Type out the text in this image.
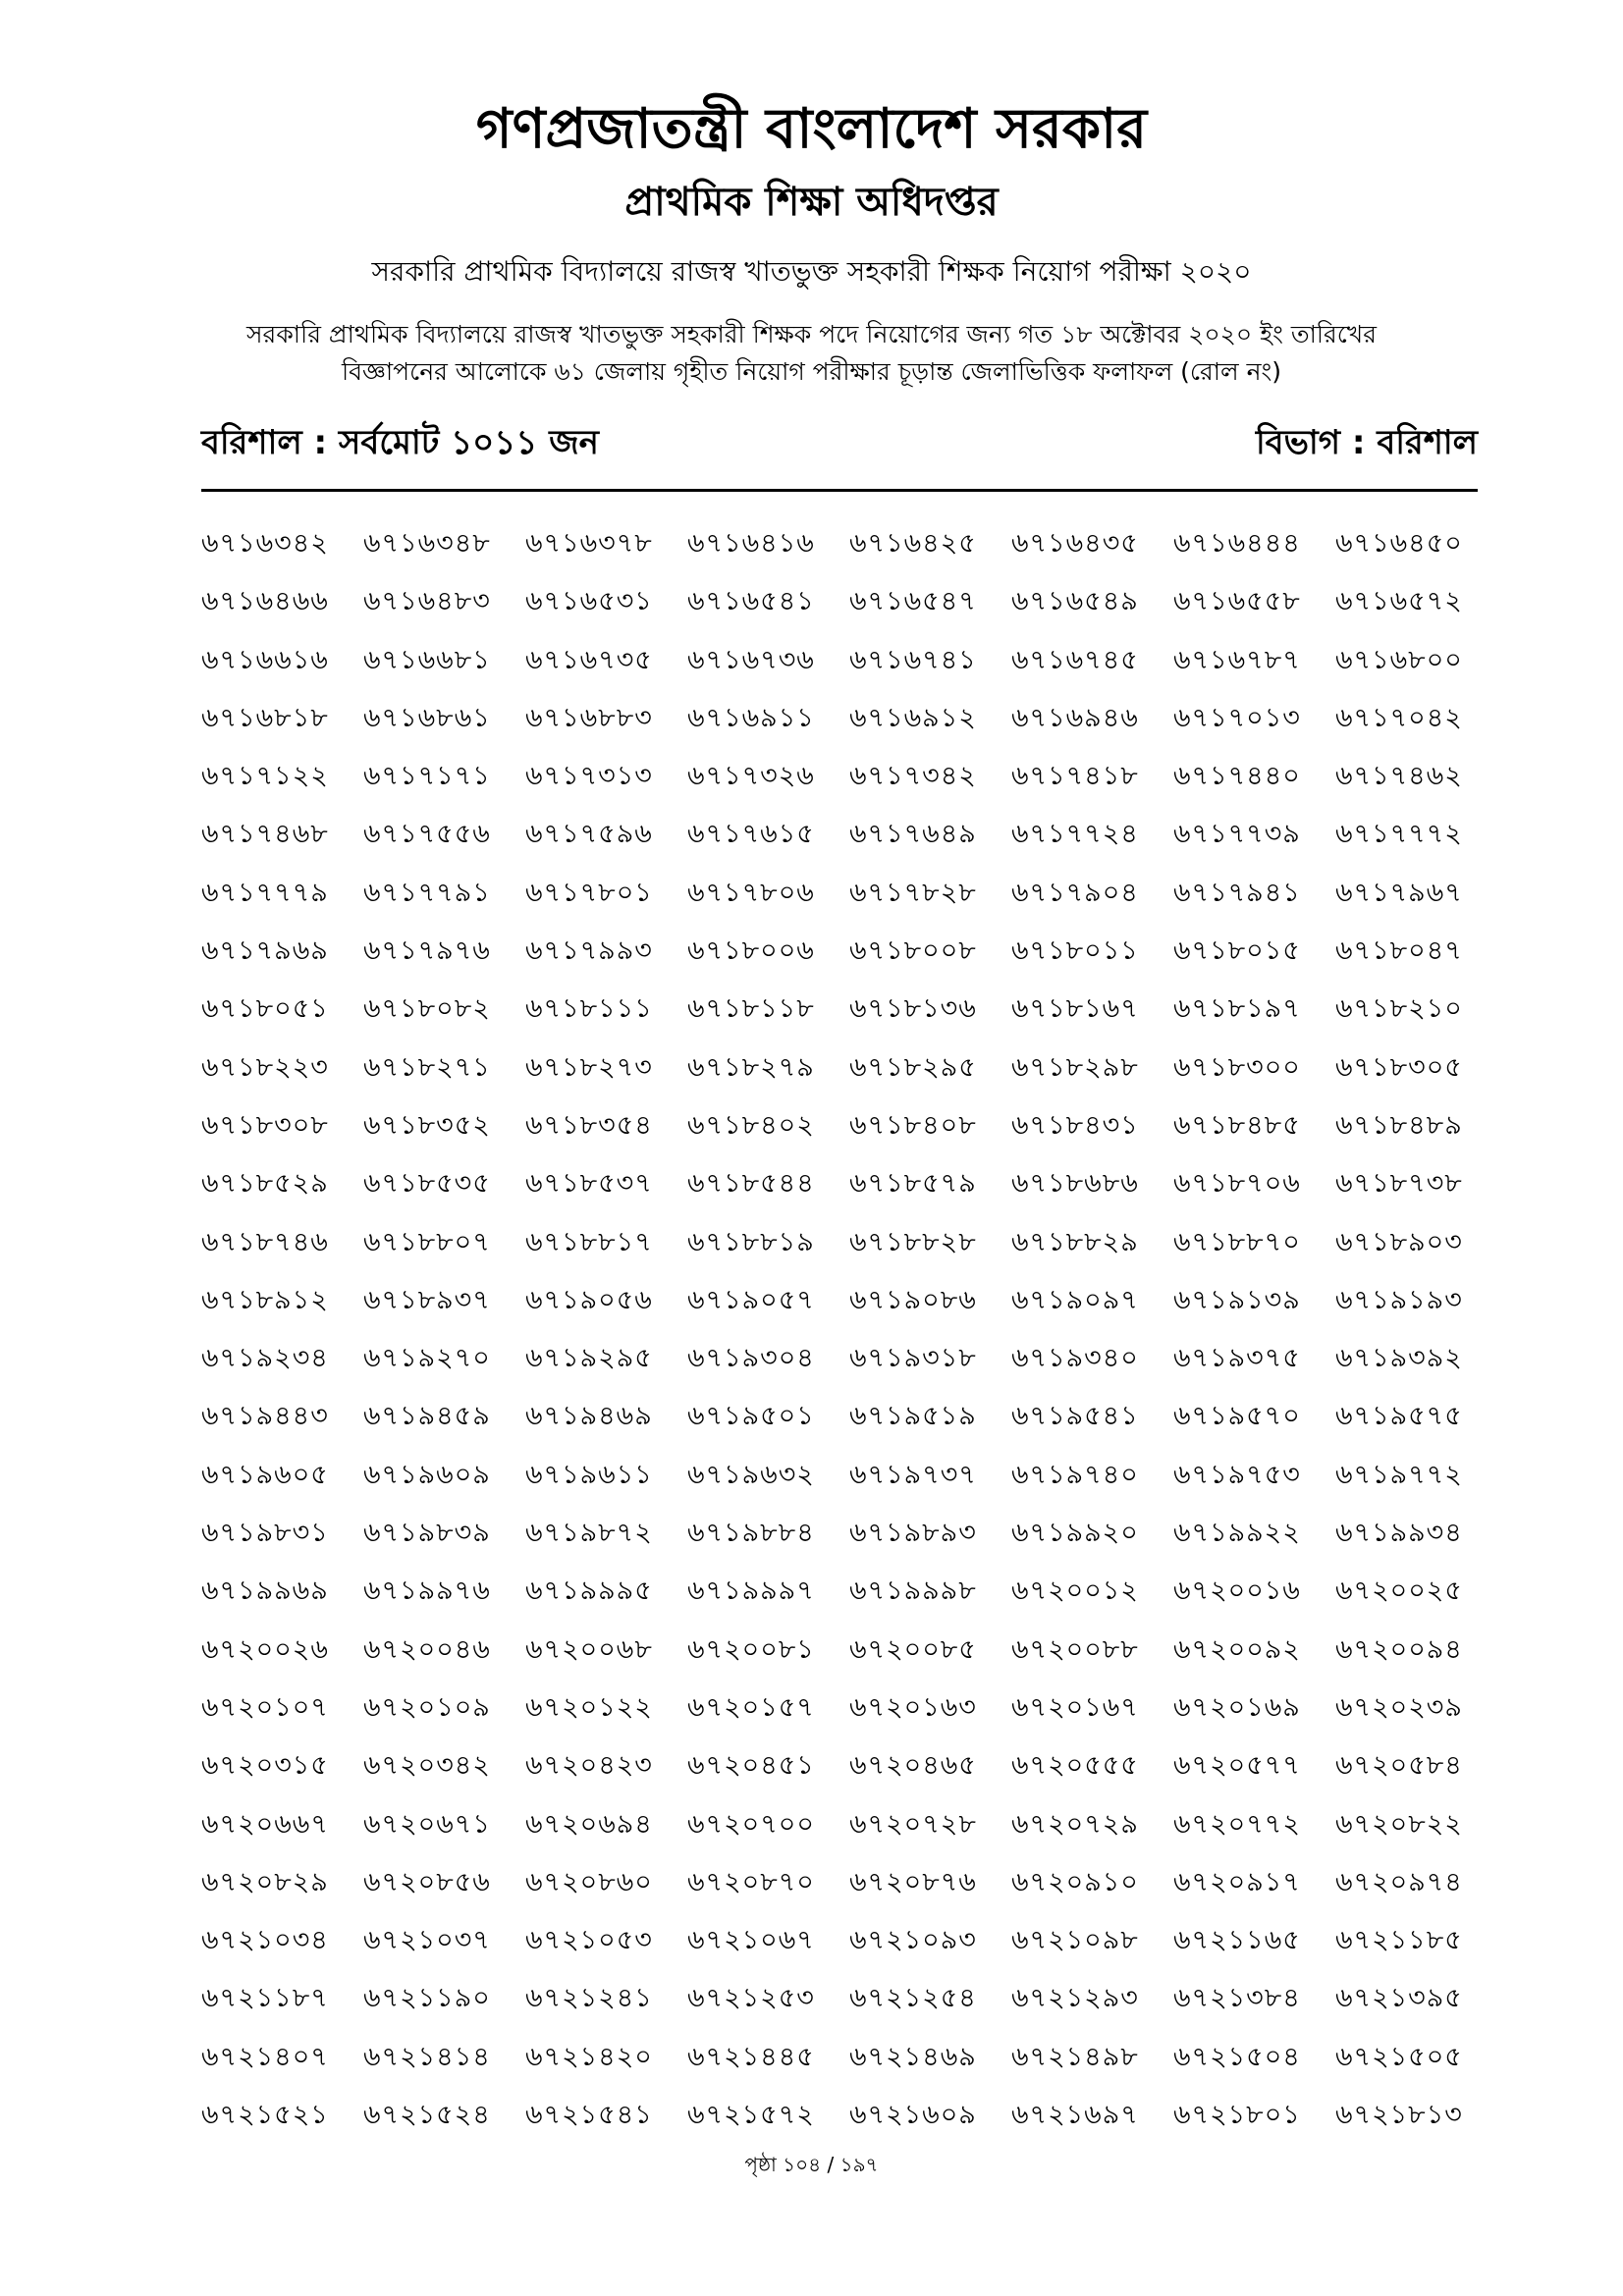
গণপ্রজাতন্ত্রী বাংলাদেশ সরকার
প্রাথমিক শিক্ষা অধিদপ্তর

সরকারি প্রাথমিক বিদ্যালয়ে রাজস্ব খাতভুক্ত সহকারী শিক্ষক নিয়োগ পরীক্ষা ২০২০

সরকারি প্রাথমিক বিদ্যালয়ে রাজস্ব খাতভুক্ত সহকারী শিক্ষক পদে নিয়োগের জন্য গত ১৮ অক্টোবর ২০২০ ইং তারিখের

বিজ্ঞাপনের আলোকে ৬১ জেলায় গৃহীত নিয়োগ পরীক্ষার চূড়ান্ত জেলাভিত্তিক ফলাফল (রোল নং)

বরিশাল : সর্বমোট ১০১১ জন	বিভাগ : বরিশাল
৬৭১৬৩৪২	৬৭১৬৩৪৮	৬৭১৬৩৭৮	৬৭১৬৪১৬	৬৭১৬৪২৫	৬৭১৬৪৩৫	৬৭১৬৪৪৪	৬৭১৬৪৫০
৬৭১৬৪৬৬	৬৭১৬৪৮৩	৬৭১৬৫৩১	৬৭১৬৫৪১	৬৭১৬৫৪৭	৬৭১৬৫৪৯	৬৭১৬৫৫৮	৬৭১৬৫৭২
৬৭১৬৬১৬	৬৭১৬৬৮১	৬৭১৬৭৩৫	৬৭১৬৭৩৬	৬৭১৬৭৪১	৬৭১৬৭৪৫	৬৭১৬৭৮৭	৬৭১৬৮০০
৬৭১৬৮১৮	৬৭১৬৮৬১	৬৭১৬৮৮৩	৬৭১৬৯১১	৬৭১৬৯১২	৬৭১৬৯৪৬	৬৭১৭০১৩	৬৭১৭০৪২
৬৭১৭১২২	৬৭১৭১৭১	৬৭১৭৩১৩	৬৭১৭৩২৬	৬৭১৭৩৪২	৬৭১৭৪১৮	৬৭১৭৪৪০	৬৭১৭৪৬২
৬৭১৭৪৬৮	৬৭১৭৫৫৬	৬৭১৭৫৯৬	৬৭১৭৬১৫	৬৭১৭৬৪৯	৬৭১৭৭২৪	৬৭১৭৭৩৯	৬৭১৭৭৭২
৬৭১৭৭৭৯	৬৭১৭৭৯১	৬৭১৭৮০১	৬৭১৭৮০৬	৬৭১৭৮২৮	৬৭১৭৯০৪	৬৭১৭৯৪১	৬৭১৭৯৬৭
৬৭১৭৯৬৯	৬৭১৭৯৭৬	৬৭১৭৯৯৩	৬৭১৮০০৬	৬৭১৮০০৮	৬৭১৮০১১	৬৭১৮০১৫	৬৭১৮০৪৭
৬৭১৮০৫১	৬৭১৮০৮২	৬৭১৮১১১	৬৭১৮১১৮	৬৭১৮১৩৬	৬৭১৮১৬৭	৬৭১৮১৯৭	৬৭১৮২১০
৬৭১৮২২৩	৬৭১৮২৭১	৬৭১৮২৭৩	৬৭১৮২৭৯	৬৭১৮২৯৫	৬৭১৮২৯৮	৬৭১৮৩০০	৬৭১৮৩০৫
৬৭১৮৩০৮	৬৭১৮৩৫২	৬৭১৮৩৫৪	৬৭১৮৪০২	৬৭১৮৪০৮	৬৭১৮৪৩১	৬৭১৮৪৮৫	৬৭১৮৪৮৯
৬৭১৮৫২৯	৬৭১৮৫৩৫	৬৭১৮৫৩৭	৬৭১৮৫৪৪	৬৭১৮৫৭৯	৬৭১৮৬৮৬	৬৭১৮৭০৬	৬৭১৮৭৩৮
৬৭১৮৭৪৬	৬৭১৮৮০৭	৬৭১৮৮১৭	৬৭১৮৮১৯	৬৭১৮৮২৮	৬৭১৮৮২৯	৬৭১৮৮৭০	৬৭১৮৯০৩
৬৭১৮৯১২	৬৭১৮৯৩৭	৬৭১৯০৫৬	৬৭১৯০৫৭	৬৭১৯০৮৬	৬৭১৯০৯৭	৬৭১৯১৩৯	৬৭১৯১৯৩
৬৭১৯২৩৪	৬৭১৯২৭০	৬৭১৯২৯৫	৬৭১৯৩০৪	৬৭১৯৩১৮	৬৭১৯৩৪০	৬৭১৯৩৭৫	৬৭১৯৩৯২
৬৭১৯৪৪৩	৬৭১৯৪৫৯	৬৭১৯৪৬৯	৬৭১৯৫০১	৬৭১৯৫১৯	৬৭১৯৫৪১	৬৭১৯৫৭০	৬৭১৯৫৭৫
৬৭১৯৬০৫	৬৭১৯৬০৯	৬৭১৯৬১১	৬৭১৯৬৩২	৬৭১৯৭৩৭	৬৭১৯৭৪০	৬৭১৯৭৫৩	৬৭১৯৭৭২
৬৭১৯৮৩১	৬৭১৯৮৩৯	৬৭১৯৮৭২	৬৭১৯৮৮৪	৬৭১৯৮৯৩	৬৭১৯৯২০	৬৭১৯৯২২	৬৭১৯৯৩৪
৬৭১৯৯৬৯	৬৭১৯৯৭৬	৬৭১৯৯৯৫	৬৭১৯৯৯৭	৬৭১৯৯৯৮	৬৭২০০১২	৬৭২০০১৬	৬৭২০০২৫
৬৭২০০২৬	৬৭২০০৪৬	৬৭২০০৬৮	৬৭২০০৮১	৬৭২০০৮৫	৬৭২০০৮৮	৬৭২০০৯২	৬৭২০০৯৪
৬৭২০১০৭	৬৭২০১০৯	৬৭২০১২২	৬৭২০১৫৭	৬৭২০১৬৩	৬৭২০১৬৭	৬৭২০১৬৯	৬৭২০২৩৯
৬৭২০৩১৫	৬৭২০৩৪২	৬৭২০৪২৩	৬৭২০৪৫১	৬৭২০৪৬৫	৬৭২০৫৫৫	৬৭২০৫৭৭	৬৭২০৫৮৪
৬৭২০৬৬৭	৬৭২০৬৭১	৬৭২০৬৯৪	৬৭২০৭০০	৬৭২০৭২৮	৬৭২০৭২৯	৬৭২০৭৭২	৬৭২০৮২২
৬৭২০৮২৯	৬৭২০৮৫৬	৬৭২০৮৬০	৬৭২০৮৭০	৬৭২০৮৭৬	৬৭২০৯১০	৬৭২০৯১৭	৬৭২০৯৭৪
৬৭২১০৩৪	৬৭২১০৩৭	৬৭২১০৫৩	৬৭২১০৬৭	৬৭২১০৯৩	৬৭২১০৯৮	৬৭২১১৬৫	৬৭২১১৮৫
৬৭২১১৮৭	৬৭২১১৯০	৬৭২১২৪১	৬৭২১২৫৩	৬৭২১২৫৪	৬৭২১২৯৩	৬৭২১৩৮৪	৬৭২১৩৯৫
৬৭২১৪০৭	৬৭২১৪১৪	৬৭২১৪২০	৬৭২১৪৪৫	৬৭২১৪৬৯	৬৭২১৪৯৮	৬৭২১৫০৪	৬৭২১৫০৫
৬৭২১৫২১	৬৭২১৫২৪	৬৭২১৫৪১	৬৭২১৫৭২	৬৭২১৬০৯	৬৭২১৬৯৭	৬৭২১৮০১	৬৭২১৮১৩
পৃষ্ঠা ১০৪ / ১৯৭
